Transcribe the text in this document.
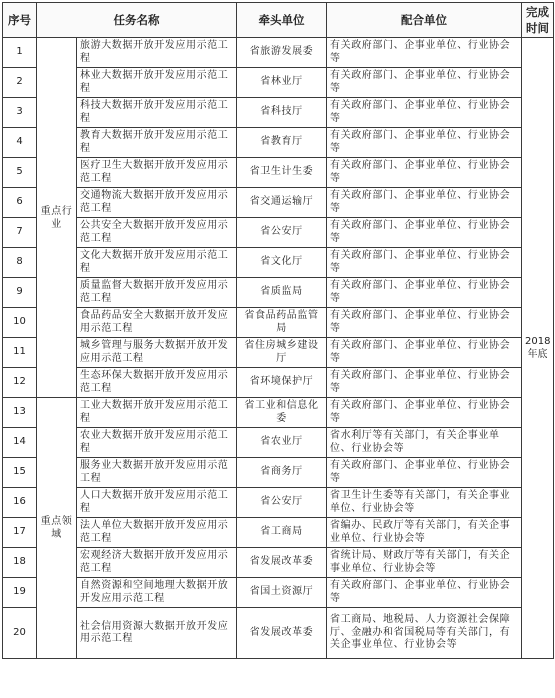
序号	任务名称		牵头单位	配合单位	完成时间
1	重点行业	旅游大数据开放开发应用示范工程	省旅游发展委	有关政府部门、企事业单位、行业协会等	2018年底
2		林业大数据开放开发应用示范工程	省林业厅	有关政府部门、企事业单位、行业协会等	
3		科技大数据开放开发应用示范工程	省科技厅	有关政府部门、企事业单位、行业协会等	
4		教育大数据开放开发应用示范工程	省教育厅	有关政府部门、企事业单位、行业协会等	
5		医疗卫生大数据开放开发应用示范工程	省卫生计生委	有关政府部门、企事业单位、行业协会等	
6		交通物流大数据开放开发应用示范工程	省交通运输厅	有关政府部门、企事业单位、行业协会等	
7		公共安全大数据开放开发应用示范工程	省公安厅	有关政府部门、企事业单位、行业协会等	
8		文化大数据开放开发应用示范工程	省文化厅	有关政府部门、企事业单位、行业协会等	
9		质量监督大数据开放开发应用示范工程	省质监局	有关政府部门、企事业单位、行业协会等	
10		食品药品安全大数据开放开发应用示范工程	省食品药品监管局	有关政府部门、企事业单位、行业协会等	
11		城乡管理与服务大数据开放开发应用示范工程	省住房城乡建设厅	有关政府部门、企事业单位、行业协会等	
12		生态环保大数据开放开发应用示范工程	省环境保护厅	有关政府部门、企事业单位、行业协会等	
13	重点领域	工业大数据开放开发应用示范工程	省工业和信息化委	有关政府部门、企事业单位、行业协会等	
14		农业大数据开放开发应用示范工程	省农业厅	省水利厅等有关部门，有关企事业单位、行业协会等	
15		服务业大数据开放开发应用示范工程	省商务厅	有关政府部门、企事业单位、行业协会等	
16		人口大数据开放开发应用示范工程	省公安厅	省卫生计生委等有关部门，有关企事业单位、行业协会等	
17		法人单位大数据开放开发应用示范工程	省工商局	省编办、民政厅等有关部门，有关企事业单位、行业协会等	
18		宏观经济大数据开放开发应用示范工程	省发展改革委	省统计局、财政厅等有关部门，有关企事业单位、行业协会等	
19		自然资源和空间地理大数据开放开发应用示范工程	省国土资源厅	有关政府部门、企事业单位、行业协会等	
20		社会信用资源大数据开放开发应用示范工程	省发展改革委	省工商局、地税局、人力资源社会保障厅、金融办和省国税局等有关部门，有关企事业单位、行业协会等	
